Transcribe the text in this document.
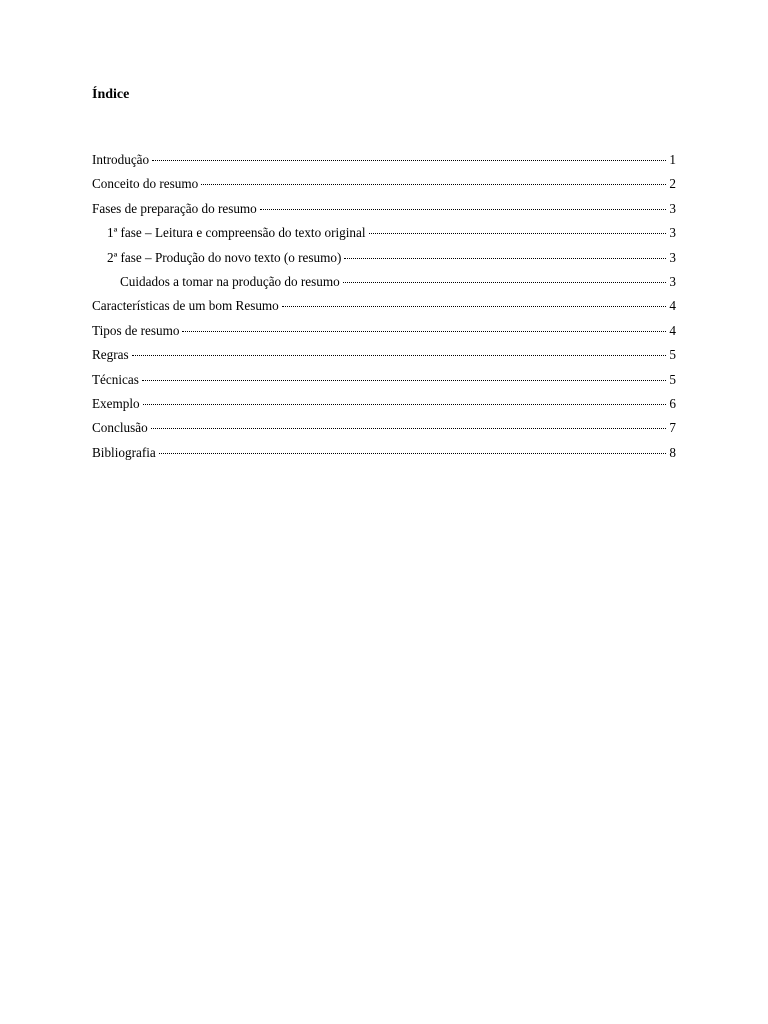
Índice
Introdução	1
Conceito do resumo	2
Fases de preparação do resumo	3
1ª fase – Leitura e compreensão do texto original	3
2ª fase – Produção do novo texto (o resumo)	3
Cuidados a tomar na produção do resumo	3
Características de um bom Resumo	4
Tipos de resumo	4
Regras	5
Técnicas	5
Exemplo	6
Conclusão	7
Bibliografia	8
